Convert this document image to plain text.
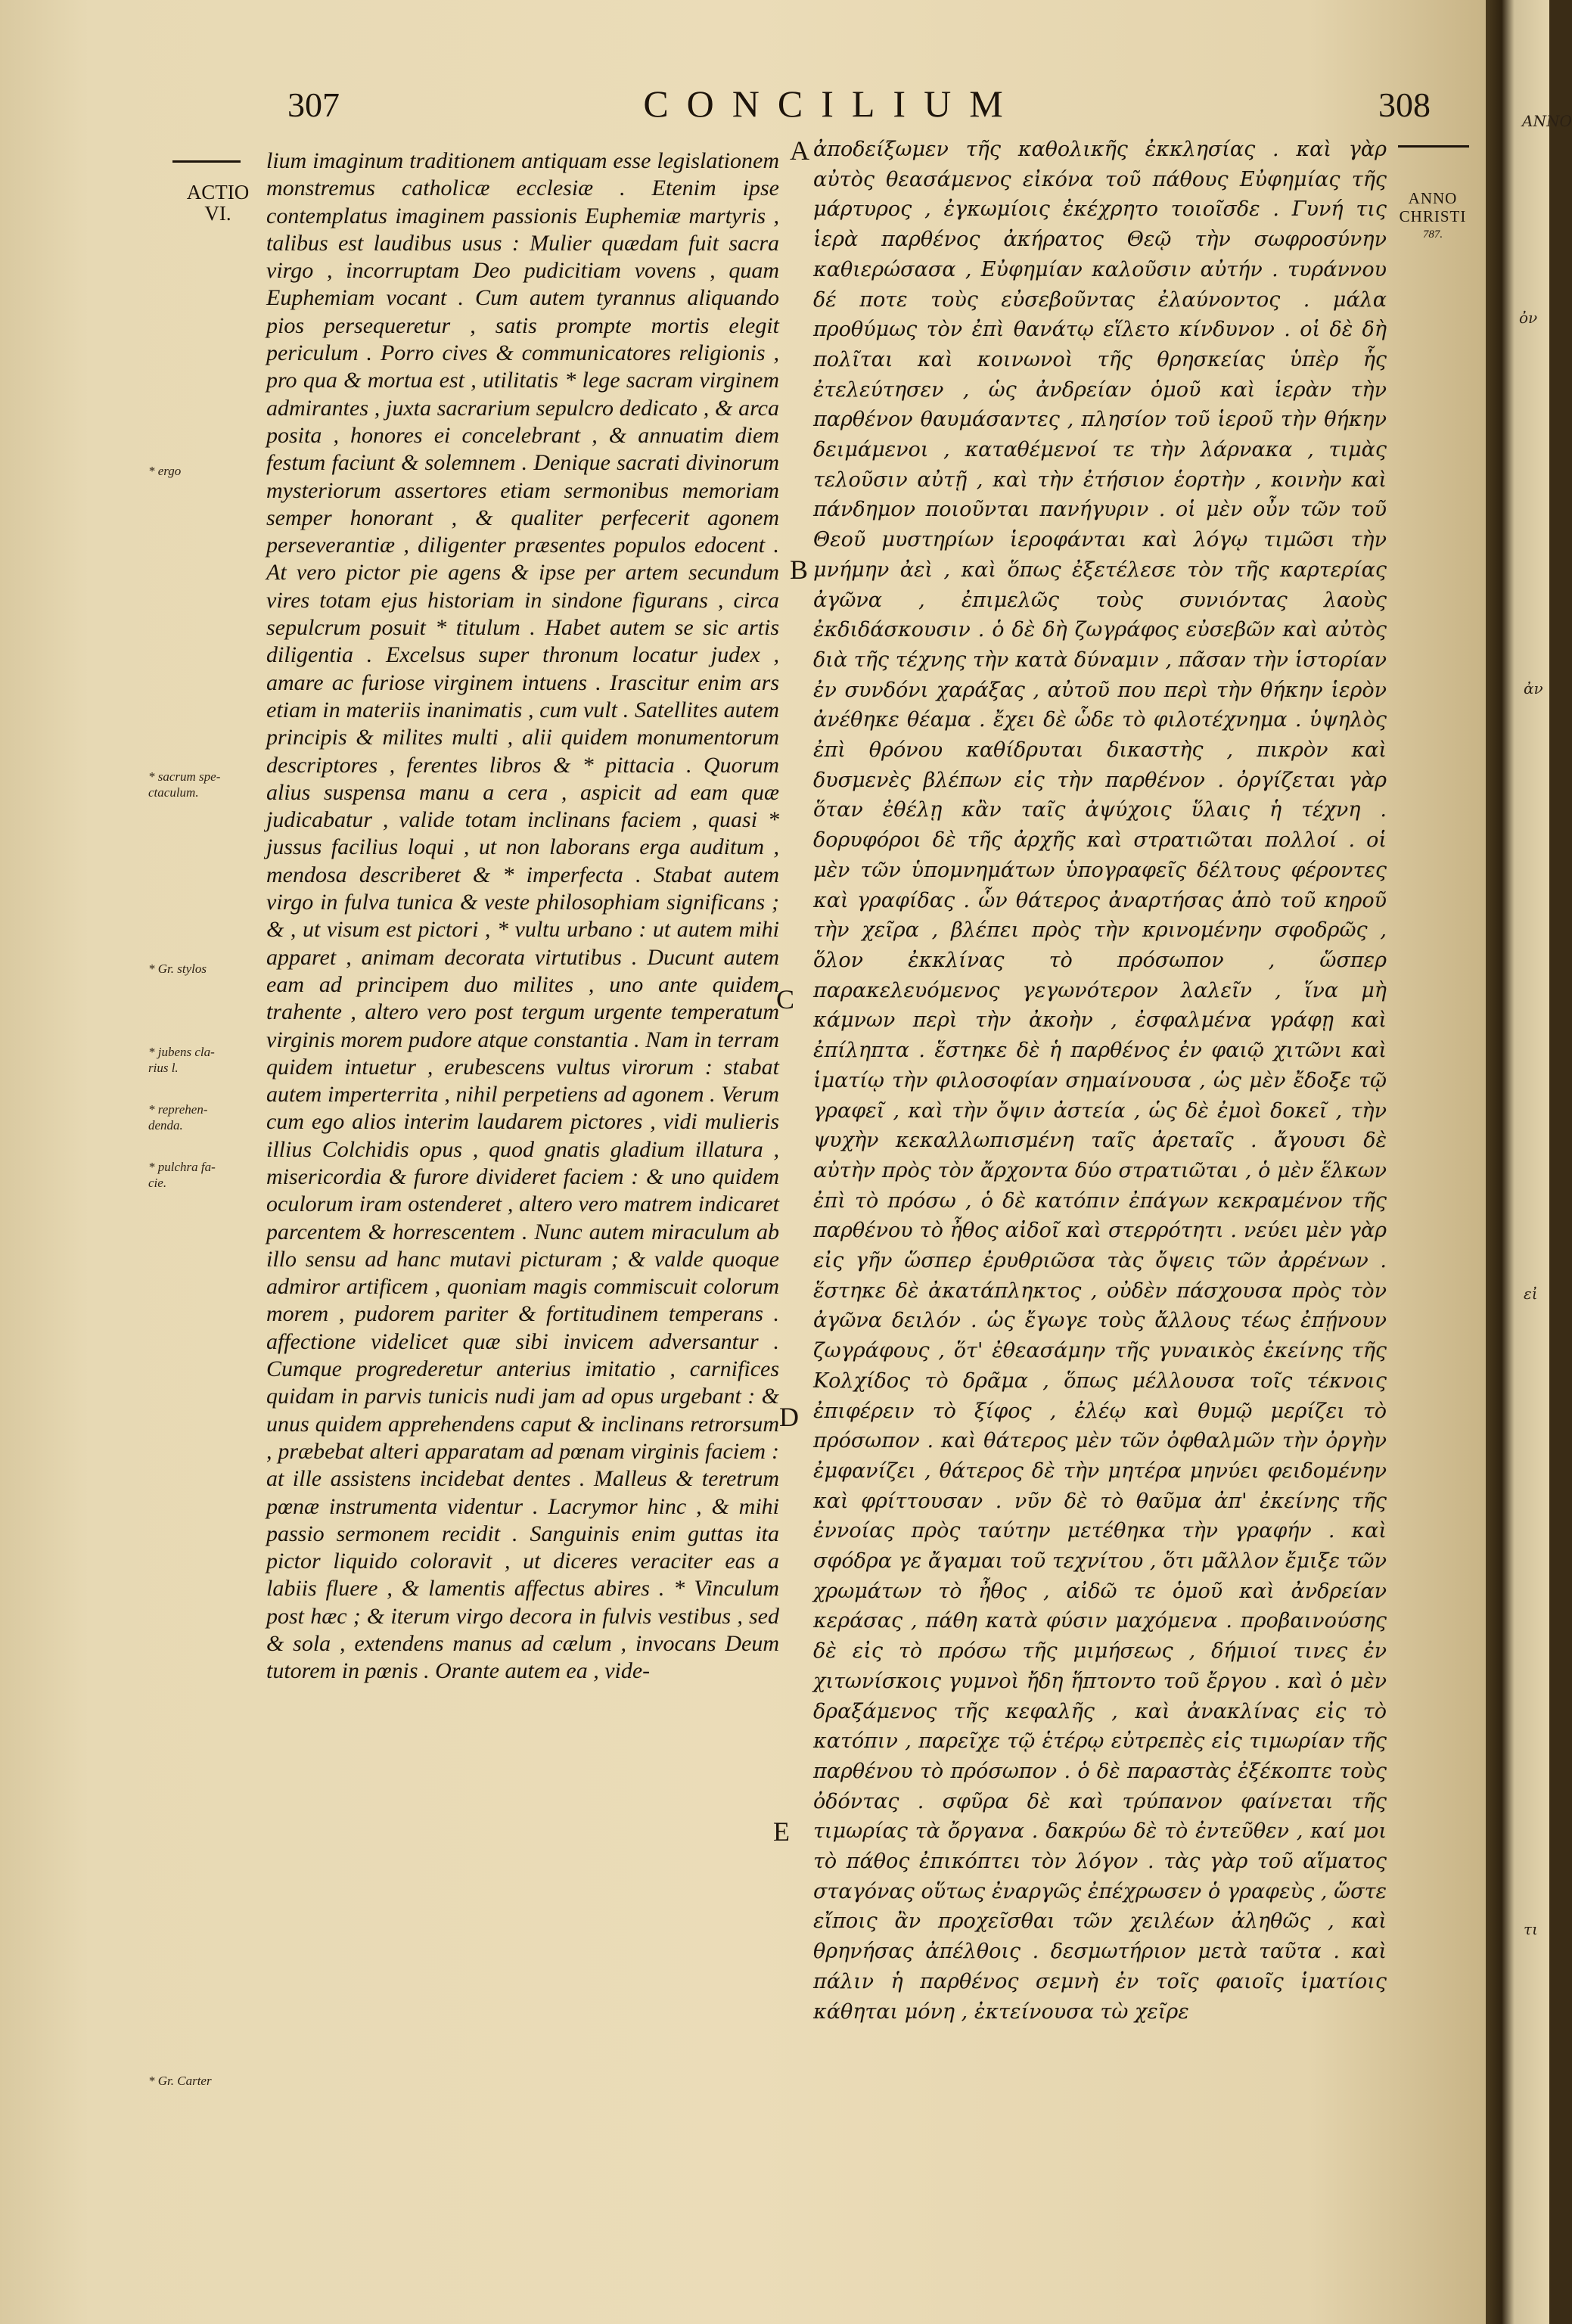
307	CONCILIUM	308
ACTIO
VI.
ANNO
CHRISTI
787.
* ergo
* sacrum spe-
ctaculum.
* Gr. stylos
* jubens cla-
rius l.
* reprehen-
denda.
* pulchra fa-
cie.
* Gr. Carter
A
B
C
D
E

lium imaginum traditionem antiquam esse legislationem monstremus catholicæ ecclesiæ . Etenim ipse contemplatus imaginem passionis Euphemiæ martyris , talibus est laudibus usus : Mulier quædam fuit sacra virgo , incorruptam Deo pudicitiam vovens , quam Euphemiam vocant . Cum autem tyrannus aliquando pios persequeretur , satis prompte mortis elegit periculum . Porro cives & communicatores religionis , pro qua & mortua est , utilitatis * lege sacram virginem admirantes , juxta sacrarium sepulcro dedicato , & arca posita , honores ei concelebrant , & annuatim diem festum faciunt & solemnem . Denique sacrati divinorum mysteriorum assertores etiam sermonibus memoriam semper honorant , & qualiter perfecerit agonem perseverantiæ , diligenter præsentes populos edocent . At vero pictor pie agens & ipse per artem secundum vires totam ejus historiam in sindone figurans , circa sepulcrum posuit * titulum . Habet autem se sic artis diligentia . Excelsus super thronum locatur judex , amare ac furiose virginem intuens . Irascitur enim ars etiam in materiis inanimatis , cum vult . Satellites autem principis & milites multi , alii quidem monumentorum descriptores , ferentes libros & * pittacia . Quorum alius suspensa manu a cera , aspicit ad eam quæ judicabatur , valide totam inclinans faciem , quasi * jussus facilius loqui , ut non laborans erga auditum , mendosa describeret & * imperfecta . Stabat autem virgo in fulva tunica & veste philosophiam significans ; & , ut visum est pictori , * vultu urbano : ut autem mihi apparet , animam decorata virtutibus . Ducunt autem eam ad principem duo milites , uno ante quidem trahente , altero vero post tergum urgente temperatum virginis morem pudore atque constantia . Nam in terram quidem intuetur , erubescens vultus virorum : stabat autem imperterrita , nihil perpetiens ad agonem . Verum cum ego alios interim laudarem pictores , vidi mulieris illius Colchidis opus , quod gnatis gladium illatura , misericordia & furore divideret faciem : & uno quidem oculorum iram ostenderet , altero vero matrem indicaret parcentem & horrescentem . Nunc autem miraculum ab illo sensu ad hanc mutavi picturam ; & valde quoque admiror artificem , quoniam magis commiscuit colorum morem , pudorem pariter & fortitudinem temperans . affectione videlicet quæ sibi invicem adversantur . Cumque progrederetur anterius imitatio , carnifices quidam in parvis tunicis nudi jam ad opus urgebant : & unus quidem apprehendens caput & inclinans retrorsum , præbebat alteri apparatam ad pœnam virginis faciem : at ille assistens incidebat dentes . Malleus & teretrum pœnæ instrumenta videntur . Lacrymor hinc , & mihi passio sermonem recidit . Sanguinis enim guttas ita pictor liquido coloravit , ut diceres veraciter eas a labiis fluere , & lamentis affectus abires . * Vinculum post hæc ; & iterum virgo decora in fulvis vestibus , sed & sola , extendens manus ad cælum , invocans Deum tutorem in pœnis . Orante autem ea , vide-

ἀποδείξωμεν τῆς καθολικῆς ἐκκλησίας . καὶ γὰρ αὐτὸς θεασάμενος εἰκόνα τοῦ πάθους Εὐφημίας τῆς μάρτυρος , ἐγκωμίοις ἐκέχρητο τοιοῖσδε . Γυνή τις ἱερὰ παρθένος ἀκήρατος Θεῷ τὴν σωφροσύνην καθιερώσασα , Εὐφημίαν καλοῦσιν αὐτήν . τυράννου δέ ποτε τοὺς εὐσεβοῦντας ἐλαύνοντος . μάλα προθύμως τὸν ἐπὶ θανάτῳ εἵλετο κίνδυνον . οἱ δὲ δὴ πολῖται καὶ κοινωνοὶ τῆς θρησκείας ὑπὲρ ἧς ἐτελεύτησεν , ὡς ἀνδρείαν ὁμοῦ καὶ ἱερὰν τὴν παρθένον θαυμάσαντες , πλησίον τοῦ ἱεροῦ τὴν θήκην δειμάμενοι , καταθέμενοί τε τὴν λάρνακα , τιμὰς τελοῦσιν αὐτῇ , καὶ τὴν ἐτήσιον ἑορτὴν , κοινὴν καὶ πάνδημον ποιοῦνται πανήγυριν . οἱ μὲν οὖν τῶν τοῦ Θεοῦ μυστηρίων ἱεροφάνται καὶ λόγῳ τιμῶσι τὴν μνήμην ἀεὶ , καὶ ὅπως ἐξετέλεσε τὸν τῆς καρτερίας ἀγῶνα , ἐπιμελῶς τοὺς συνιόντας λαοὺς ἐκδιδάσκουσιν . ὁ δὲ δὴ ζωγράφος εὐσεβῶν καὶ αὐτὸς διὰ τῆς τέχνης τὴν κατὰ δύναμιν , πᾶσαν τὴν ἱστορίαν ἐν συνδόνι χαράξας , αὐτοῦ που περὶ τὴν θήκην ἱερὸν ἀνέθηκε θέαμα . ἔχει δὲ ὧδε τὸ φιλοτέχνημα . ὑψηλὸς ἐπὶ θρόνου καθίδρυται δικαστὴς , πικρὸν καὶ δυσμενὲς βλέπων εἰς τὴν παρθένον . ὀργίζεται γὰρ ὅταν ἐθέλῃ κἂν ταῖς ἀψύχοις ὕλαις ἡ τέχνη . δορυφόροι δὲ τῆς ἀρχῆς καὶ στρατιῶται πολλοί . οἱ μὲν τῶν ὑπομνημάτων ὑπογραφεῖς δέλτους φέροντες καὶ γραφίδας . ὧν θάτερος ἀναρτήσας ἀπὸ τοῦ κηροῦ τὴν χεῖρα , βλέπει πρὸς τὴν κρινομένην σφοδρῶς , ὅλον ἐκκλίνας τὸ πρόσωπον , ὥσπερ παρακελευόμενος γεγωνότερον λαλεῖν , ἵνα μὴ κάμνων περὶ τὴν ἀκοὴν , ἐσφαλμένα γράφῃ καὶ ἐπίληπτα . ἕστηκε δὲ ἡ παρθένος ἐν φαιῷ χιτῶνι καὶ ἱματίῳ τὴν φιλοσοφίαν σημαίνουσα , ὡς μὲν ἔδοξε τῷ γραφεῖ , καὶ τὴν ὄψιν ἀστεία , ὡς δὲ ἐμοὶ δοκεῖ , τὴν ψυχὴν κεκαλλωπισμένη ταῖς ἀρεταῖς . ἄγουσι δὲ αὐτὴν πρὸς τὸν ἄρχοντα δύο στρατιῶται , ὁ μὲν ἕλκων ἐπὶ τὸ πρόσω , ὁ δὲ κατόπιν ἐπάγων κεκραμένον τῆς παρθένου τὸ ἦθος αἰδοῖ καὶ στερρότητι . νεύει μὲν γὰρ εἰς γῆν ὥσπερ ἐρυθριῶσα τὰς ὄψεις τῶν ἀρρένων . ἕστηκε δὲ ἀκατάπληκτος , οὐδὲν πάσχουσα πρὸς τὸν ἀγῶνα δειλόν . ὡς ἔγωγε τοὺς ἄλλους τέως ἐπῄνουν ζωγράφους , ὅτ' ἐθεασάμην τῆς γυναικὸς ἐκείνης τῆς Κολχίδος τὸ δρᾶμα , ὅπως μέλλουσα τοῖς τέκνοις ἐπιφέρειν τὸ ξίφος , ἐλέῳ καὶ θυμῷ μερίζει τὸ πρόσωπον . καὶ θάτερος μὲν τῶν ὀφθαλμῶν τὴν ὀργὴν ἐμφανίζει , θάτερος δὲ τὴν μητέρα μηνύει φειδομένην καὶ φρίττουσαν . νῦν δὲ τὸ θαῦμα ἀπ' ἐκείνης τῆς ἐννοίας πρὸς ταύτην μετέθηκα τὴν γραφήν . καὶ σφόδρα γε ἄγαμαι τοῦ τεχνίτου , ὅτι μᾶλλον ἔμιξε τῶν χρωμάτων τὸ ἦθος , αἰδῶ τε ὁμοῦ καὶ ἀνδρείαν κεράσας , πάθη κατὰ φύσιν μαχόμενα . προβαινούσης δὲ εἰς τὸ πρόσω τῆς μιμήσεως , δήμιοί τινες ἐν χιτωνίσκοις γυμνοὶ ἤδη ἥπτοντο τοῦ ἔργου . καὶ ὁ μὲν δραξάμενος τῆς κεφαλῆς , καὶ ἀνακλίνας εἰς τὸ κατόπιν , παρεῖχε τῷ ἑτέρῳ εὐτρεπὲς εἰς τιμωρίαν τῆς παρθένου τὸ πρόσωπον . ὁ δὲ παραστὰς ἐξέκοπτε τοὺς ὀδόντας . σφῦρα δὲ καὶ τρύπανον φαίνεται τῆς τιμωρίας τὰ ὄργανα . δακρύω δὲ τὸ ἐντεῦθεν , καί μοι τὸ πάθος ἐπικόπτει τὸν λόγον . τὰς γὰρ τοῦ αἵματος σταγόνας οὕτως ἐναργῶς ἐπέχρωσεν ὁ γραφεὺς , ὥστε εἴποις ἂν προχεῖσθαι τῶν χειλέων ἀληθῶς , καὶ θρηνήσας ἀπέλθοις . δεσμωτήριον μετὰ ταῦτα . καὶ πάλιν ἡ παρθένος σεμνὴ ἐν τοῖς φαιοῖς ἱματίοις κάθηται μόνη , ἐκτείνουσα τὼ χεῖρε

ANNO
ὀν
ἀν
εἰ
τι
